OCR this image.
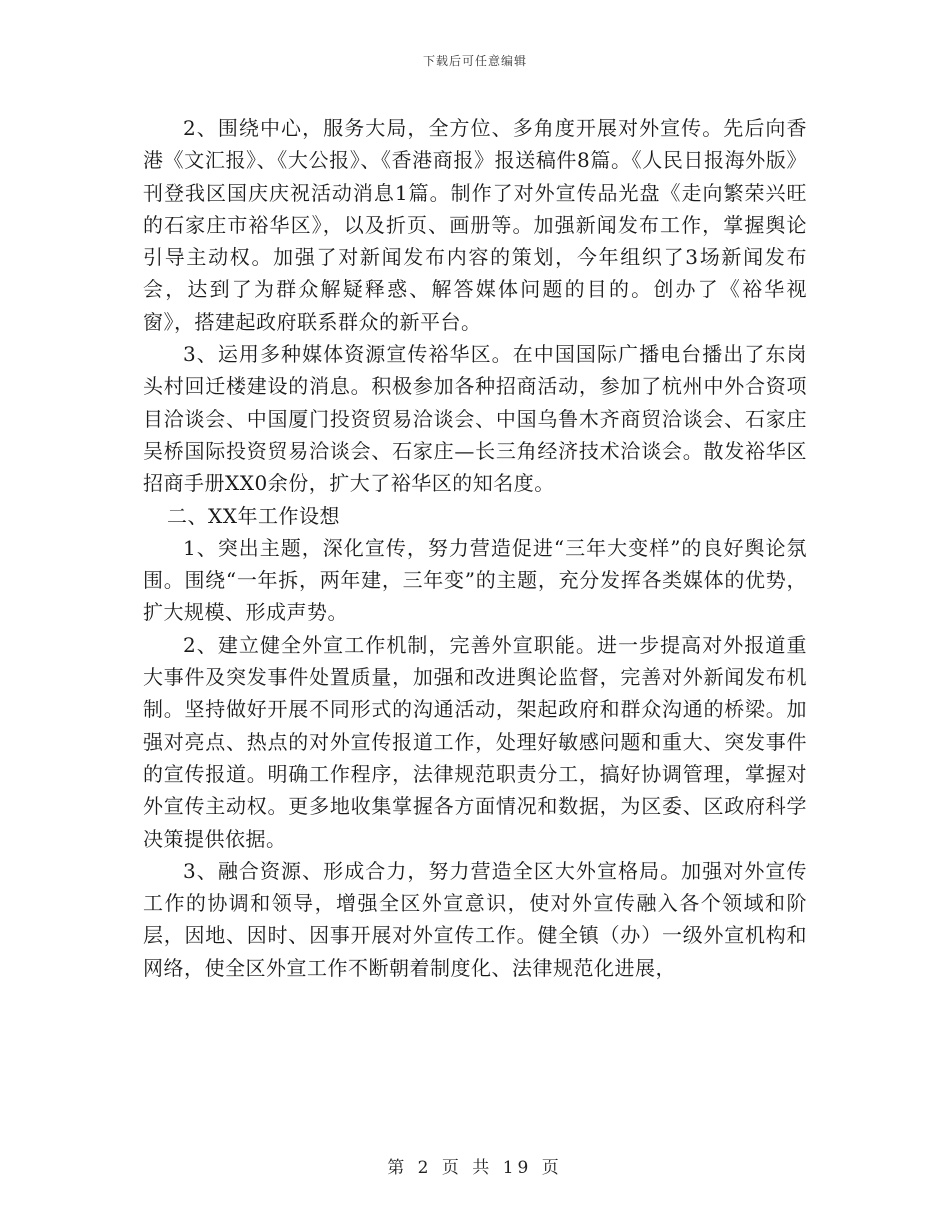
下载后可任意编辑

2、围绕中心，服务大局，全方位、多角度开展对外宣传。先后向香港《文汇报》、《大公报》、《香港商报》报送稿件8篇。《人民日报海外版》刊登我区国庆庆祝活动消息1篇。制作了对外宣传品光盘《走向繁荣兴旺的石家庄市裕华区》，以及折页、画册等。加强新闻发布工作，掌握舆论引导主动权。加强了对新闻发布内容的策划，今年组织了3场新闻发布会，达到了为群众解疑释惑、解答媒体问题的目的。创办了《裕华视窗》，搭建起政府联系群众的新平台。

3、运用多种媒体资源宣传裕华区。在中国国际广播电台播出了东岗头村回迁楼建设的消息。积极参加各种招商活动，参加了杭州中外合资项目洽谈会、中国厦门投资贸易洽谈会、中国乌鲁木齐商贸洽谈会、石家庄吴桥国际投资贸易洽谈会、石家庄—长三角经济技术洽谈会。散发裕华区招商手册XX0余份，扩大了裕华区的知名度。

二、XX年工作设想

1、突出主题，深化宣传，努力营造促进“三年大变样”的良好舆论氛围。围绕“一年拆，两年建，三年变”的主题，充分发挥各类媒体的优势，扩大规模、形成声势。

2、建立健全外宣工作机制，完善外宣职能。进一步提高对外报道重大事件及突发事件处置质量，加强和改进舆论监督，完善对外新闻发布机制。坚持做好开展不同形式的沟通活动，架起政府和群众沟通的桥梁。加强对亮点、热点的对外宣传报道工作，处理好敏感问题和重大、突发事件的宣传报道。明确工作程序，法律规范职责分工，搞好协调管理，掌握对外宣传主动权。更多地收集掌握各方面情况和数据，为区委、区政府科学决策提供依据。

3、融合资源、形成合力，努力营造全区大外宣格局。加强对外宣传工作的协调和领导，增强全区外宣意识，使对外宣传融入各个领域和阶层，因地、因时、因事开展对外宣传工作。健全镇（办）一级外宣机构和网络，使全区外宣工作不断朝着制度化、法律规范化进展，

第 2 页 共 19 页
